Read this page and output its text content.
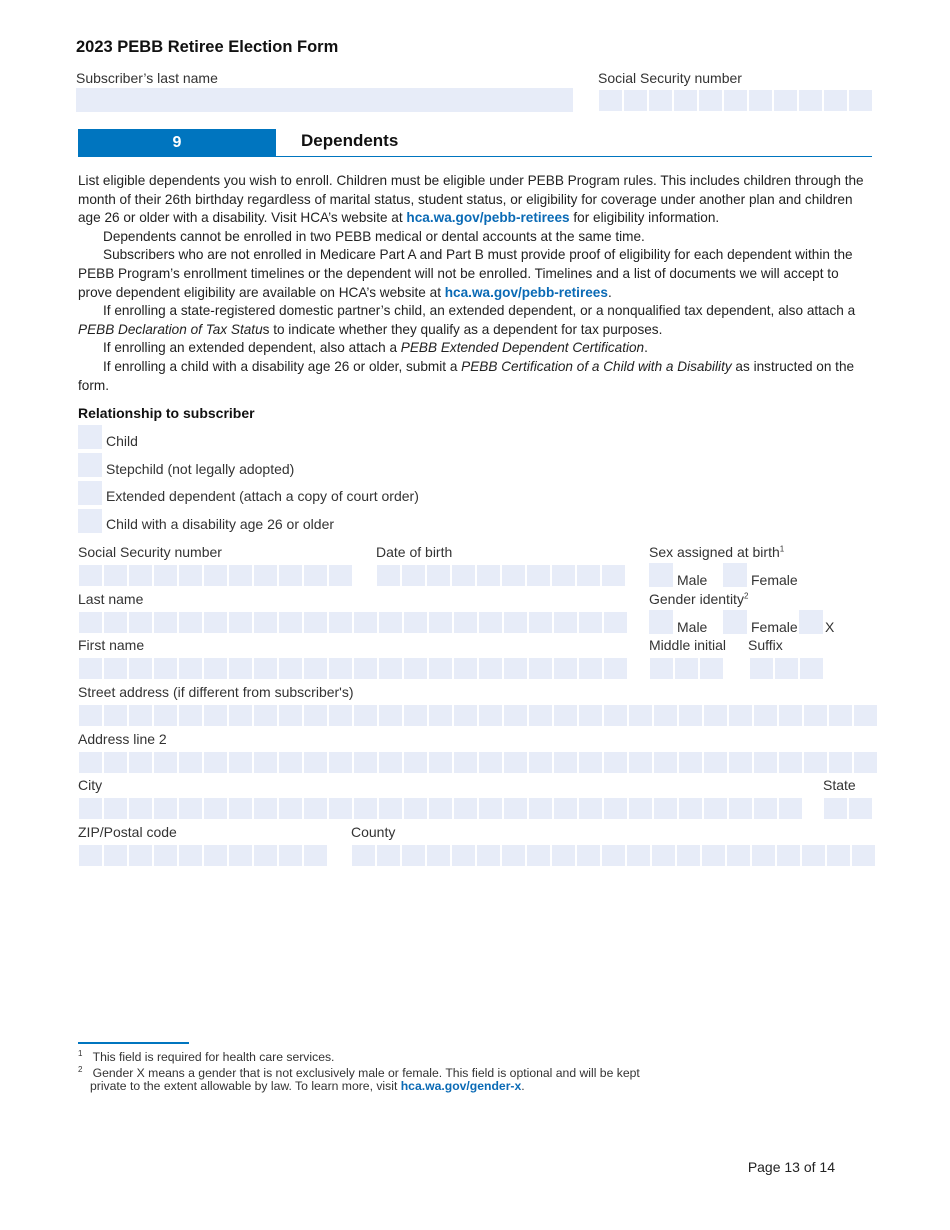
2023 PEBB Retiree Election Form
Subscriber’s last name	Social Security number
9	Dependents

List eligible dependents you wish to enroll. Children must be eligible under PEBB Program rules. This includes children through the month of their 26th birthday regardless of marital status, student status, or eligibility for coverage under another plan and children age 26 or older with a disability. Visit HCA’s website at hca.wa.gov/pebb-retirees for eligibility information.

Dependents cannot be enrolled in two PEBB medical or dental accounts at the same time.

Subscribers who are not enrolled in Medicare Part A and Part B must provide proof of eligibility for each dependent within the PEBB Program’s enrollment timelines or the dependent will not be enrolled. Timelines and a list of documents we will accept to prove dependent eligibility are available on HCA’s website at hca.wa.gov/pebb-retirees.

If enrolling a state-registered domestic partner’s child, an extended dependent, or a nonqualified tax dependent, also attach a PEBB Declaration of Tax Status to indicate whether they qualify as a dependent for tax purposes.

If enrolling an extended dependent, also attach a PEBB Extended Dependent Certification.

If enrolling a child with a disability age 26 or older, submit a PEBB Certification of a Child with a Disability as instructed on the form.

Relationship to subscriber
Child
Stepchild (not legally adopted)
Extended dependent (attach a copy of court order)
Child with a disability age 26 or older
Social Security number	Date of birth	Sex assigned at birth$^1$
Male	Female
Last name	Gender identity$^2$
Male	Female X
First name	Middle initial Suffix
Street address (if different from subscriber's)
Address line 2
City	State
ZIP/Postal code	County
$^1$ This field is required for health care services.
$^2$ Gender X means a gender that is not exclusively male or female. This field is optional and will be kept
private to the extent allowable by law. To learn more, visit hca.wa.gov/gender-x.
Page 13 of 14
